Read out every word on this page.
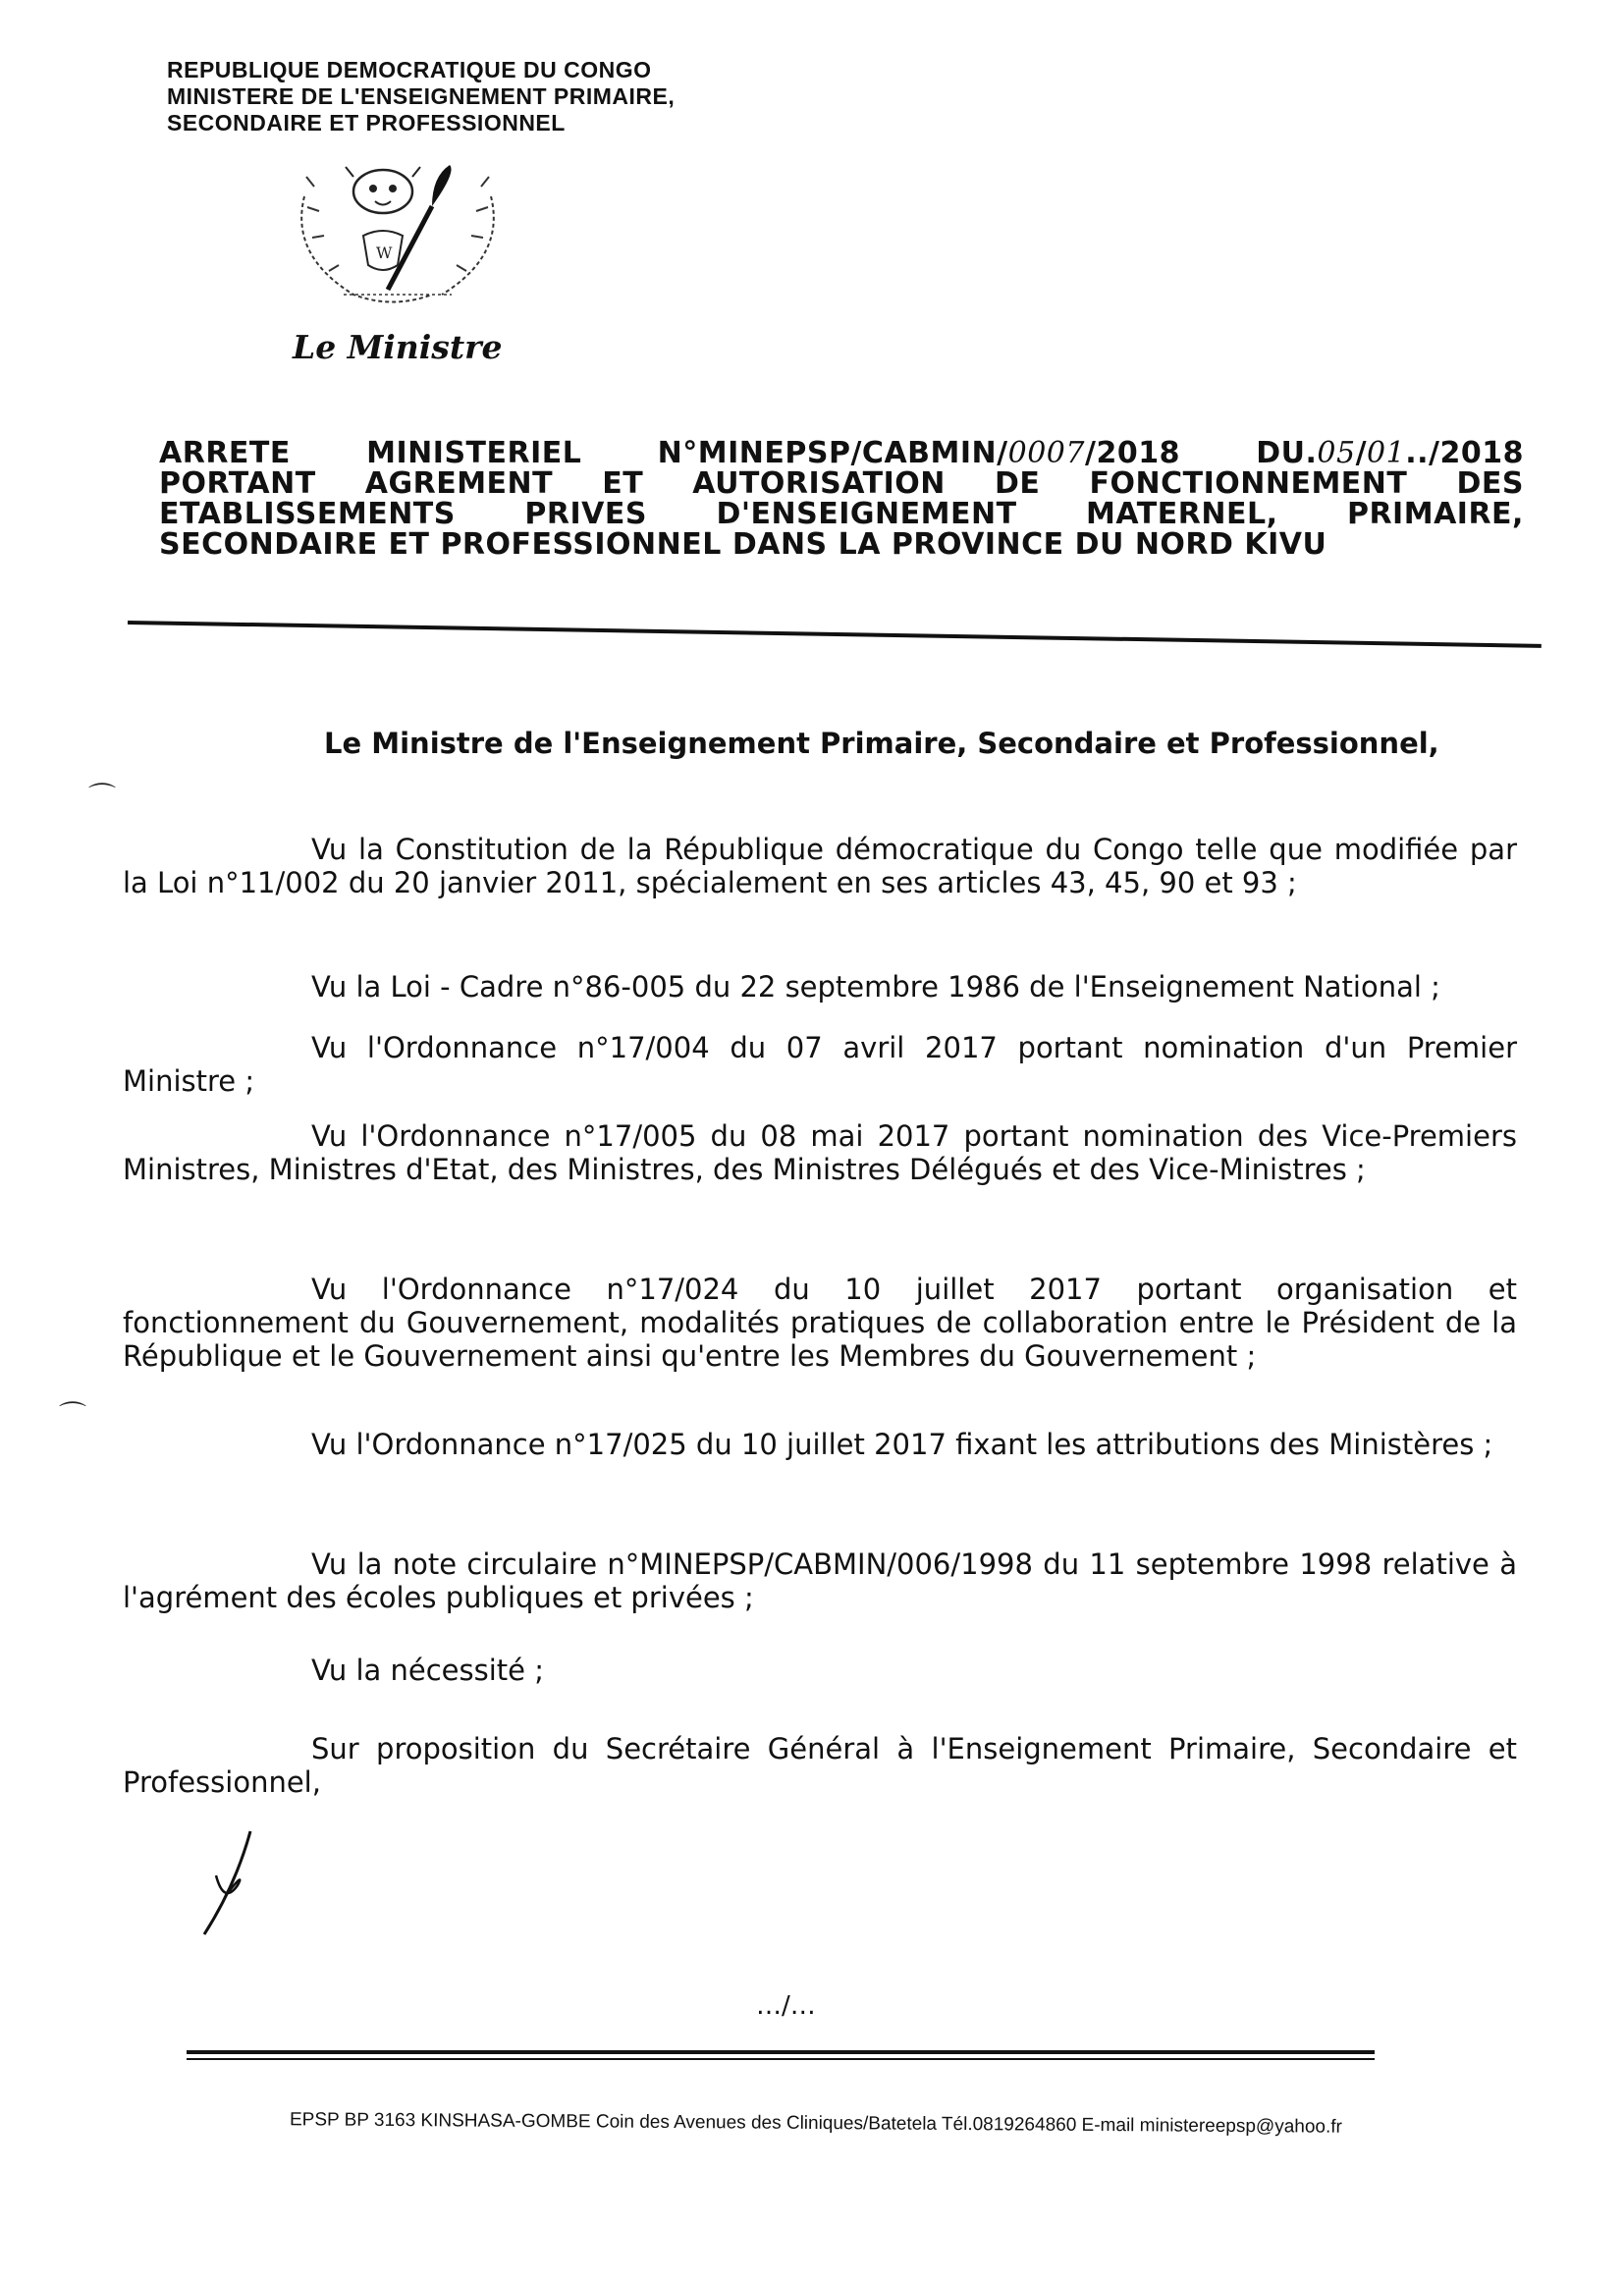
REPUBLIQUE DEMOCRATIQUE DU CONGO
MINISTERE DE L'ENSEIGNEMENT PRIMAIRE,
SECONDAIRE ET PROFESSIONNEL
W
Le Ministre
ARRETE	MINISTERIEL	N°MINEPSP/CABMIN/0007/2018	DU.05/01../2018
PORTANT AGREMENT ET AUTORISATION DE FONCTIONNEMENT DES
ETABLISSEMENTS PRIVES D'ENSEIGNEMENT MATERNEL, PRIMAIRE,
SECONDAIRE ET PROFESSIONNEL DANS LA PROVINCE DU NORD KIVU
Le Ministre de l'Enseignement Primaire, Secondaire et Professionnel,
⌒
⌒
Vu la Constitution de la République démocratique du Congo telle que modifiée par la Loi n°11/002 du 20 janvier 2011, spécialement en ses articles 43, 45, 90 et 93 ;
Vu la Loi - Cadre n°86-005 du 22 septembre 1986 de l'Enseignement National ;
Vu l'Ordonnance n°17/004 du 07 avril 2017 portant nomination d'un Premier Ministre ;
Vu l'Ordonnance n°17/005 du 08 mai 2017 portant nomination des Vice-Premiers Ministres, Ministres d'Etat, des Ministres, des Ministres Délégués et des Vice-Ministres ;
Vu l'Ordonnance n°17/024 du 10 juillet 2017 portant organisation et fonctionnement du Gouvernement, modalités pratiques de collaboration entre le Président de la République et le Gouvernement ainsi qu'entre les Membres du Gouvernement ;
Vu l'Ordonnance n°17/025 du 10 juillet 2017 fixant les attributions des Ministères ;
Vu la note circulaire n°MINEPSP/CABMIN/006/1998 du 11 septembre 1998 relative à l'agrément des écoles publiques et privées ;
Vu la nécessité ;
Sur proposition du Secrétaire Général à l'Enseignement Primaire, Secondaire et Professionnel,
…/…
EPSP BP 3163 KINSHASA-GOMBE Coin des Avenues des Cliniques/Batetela Tél.0819264860 E-mail ministereepsp@yahoo.fr
